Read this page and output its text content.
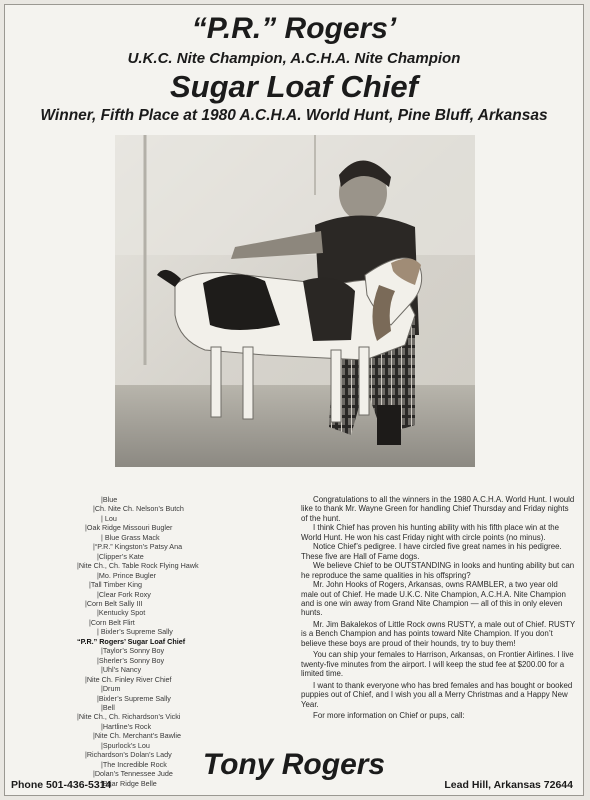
“P.R.” Rogers’
U.K.C. Nite Champion, A.C.H.A. Nite Champion
Sugar Loaf Chief
Winner, Fifth Place at 1980 A.C.H.A. World Hunt, Pine Bluff, Arkansas
|Blue
|Ch. Nite Ch. Nelson’s Butch
| Lou
|Oak Ridge Missouri Bugler
| Blue Grass Mack
|“P.R.” Kingston’s Patsy Ana
|Clipper’s Kate
|Nite Ch., Ch. Table Rock Flying Hawk
|Mo. Prince Bugler
|Tall Timber King
|Clear Fork Roxy
|Corn Belt Sally III
|Kentucky Spot
|Corn Belt Flirt
| Bixler’s Supreme Sally
“P.R.” Rogers’ Sugar Loaf Chief
|Taylor’s Sonny Boy
|Sherler’s Sonny Boy
|Uhl’s Nancy
|Nite Ch. Finley River Chief
|Drum
|Bixler’s Supreme Sally
|Bell
|Nite Ch., Ch. Richardson’s Vicki
|Hartline’s Rock
|Nite Ch. Merchant’s Bawlie
|Spurlock’s Lou
|Richardson’s Dolan’s Lady
|The Incredible Rock
|Dolan’s Tennessee Jude
|Briar Ridge Belle

Congratulations to all the winners in the 1980 A.C.H.A. World Hunt. I would like to thank Mr. Wayne Green for handling Chief Thursday and Friday nights of the hunt.

I think Chief has proven his hunting ability with his fifth place win at the World Hunt. He won his cast Friday night with circle points (no minus).

Notice Chief’s pedigree. I have circled five great names in his pedigree. These five are Hall of Fame dogs.

We believe Chief to be OUTSTANDING in looks and hunting ability but can he reproduce the same qualities in his offspring?

Mr. John Hooks of Rogers, Arkansas, owns RAMBLER, a two year old male out of Chief. He made U.K.C. Nite Champion, A.C.H.A. Nite Champion and is one win away from Grand Nite Champion — all of this in only eleven hunts.

Mr. Jim Bakalekos of Little Rock owns RUSTY, a male out of Chief. RUSTY is a Bench Champion and has points toward Nite Champion. If you don’t believe these boys are proud of their hounds, try to buy them!

You can ship your females to Harrison, Arkansas, on Frontier Airlines. I live twenty-five minutes from the airport. I will keep the stud fee at $200.00 for a limited time.

I want to thank everyone who has bred females and has bought or booked puppies out of Chief, and I wish you all a Merry Christmas and a Happy New Year.

For more information on Chief or pups, call:

Tony Rogers
Phone 501-436-5314	Lead Hill, Arkansas 72644
